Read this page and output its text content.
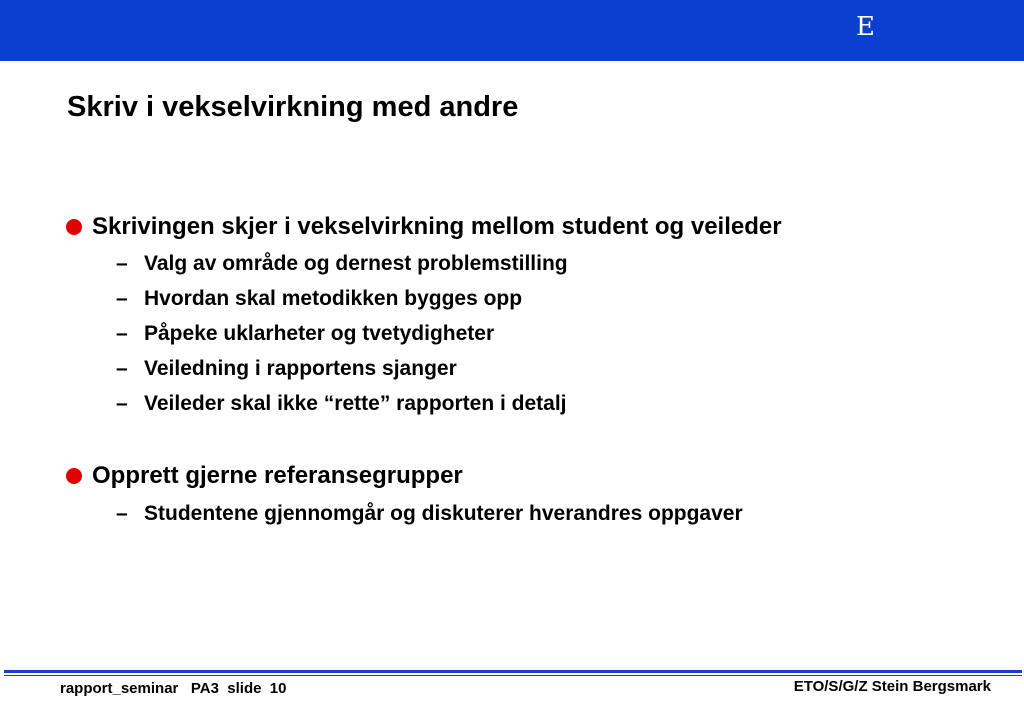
E
Skriv i vekselvirkning med andre
Skrivingen skjer i vekselvirkning mellom student og veileder
– Valg av område og dernest problemstilling
– Hvordan skal metodikken bygges opp
– Påpeke uklarheter og tvetydigheter
– Veiledning i rapportens sjanger
– Veileder skal ikke “rette” rapporten i detalj
Opprett gjerne referansegrupper
– Studentene gjennomgår og diskuterer hverandres oppgaver
rapport_seminar   PA3  slide  10	ETO/S/G/Z Stein Bergsmark
